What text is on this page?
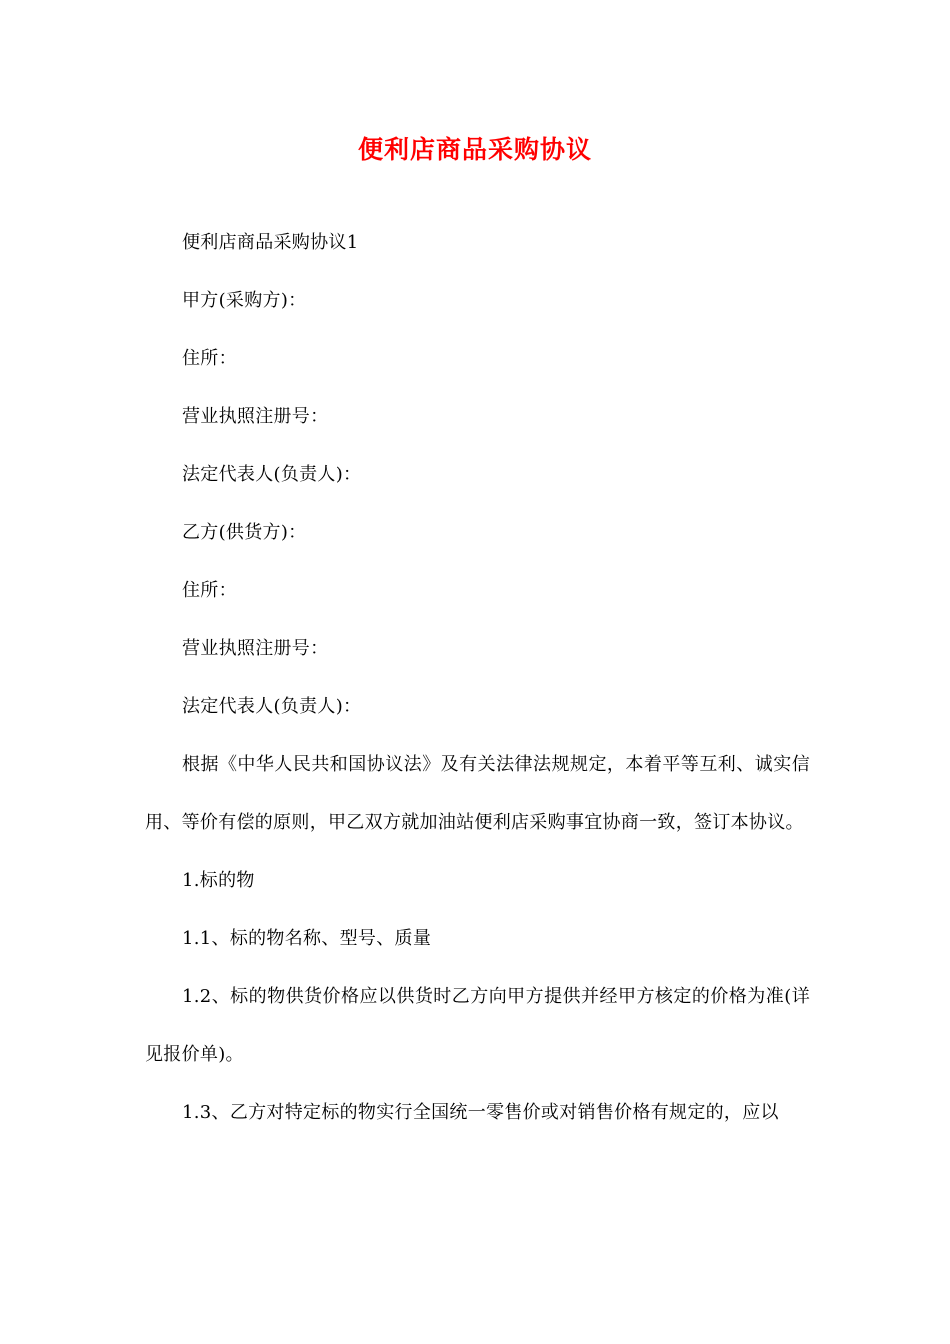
便利店商品采购协议

便利店商品采购协议1

甲方(采购方)：

住所：

营业执照注册号：

法定代表人(负责人)：

乙方(供货方)：

住所：

营业执照注册号：

法定代表人(负责人)：

根据《中华人民共和国协议法》及有关法律法规规定，本着平等互利、诚实信用、等价有偿的原则，甲乙双方就加油站便利店采购事宜协商一致，签订本协议。

1.标的物

1.1、标的物名称、型号、质量

1.2、标的物供货价格应以供货时乙方向甲方提供并经甲方核定的价格为准(详见报价单)。

1.3、乙方对特定标的物实行全国统一零售价或对销售价格有规定的，应以
